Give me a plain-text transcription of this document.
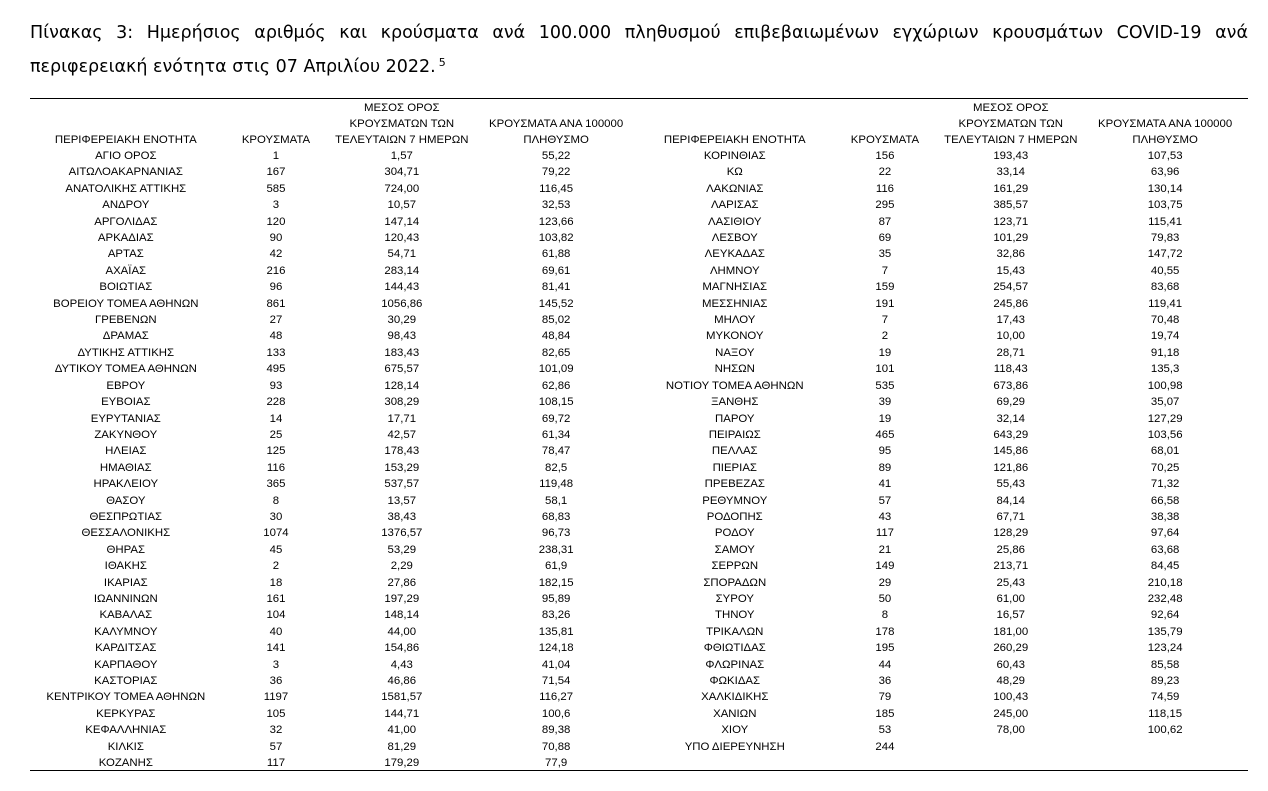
Πίνακας 3: Ημερήσιος αριθμός και κρούσματα ανά 100.000 πληθυσμού επιβεβαιωμένων εγχώριων κρουσμάτων COVID-19 ανά περιφερειακή ενότητα στις 07 Απριλίου 2022. $^5$
ΠΕΡΙΦΕΡΕΙΑΚΗ ΕΝΟΤΗΤΑ	ΚΡΟΥΣΜΑΤΑ	ΜΕΣΟΣ ΟΡΟΣ ΚΡΟΥΣΜΑΤΩΝ ΤΩΝ ΤΕΛΕΥΤΑΙΩΝ 7 ΗΜΕΡΩΝ	ΚΡΟΥΣΜΑΤΑ ΑΝΑ 100000 ΠΛΗΘΥΣΜΟ	ΠΕΡΙΦΕΡΕΙΑΚΗ ΕΝΟΤΗΤΑ	ΚΡΟΥΣΜΑΤΑ	ΜΕΣΟΣ ΟΡΟΣ ΚΡΟΥΣΜΑΤΩΝ ΤΩΝ ΤΕΛΕΥΤΑΙΩΝ 7 ΗΜΕΡΩΝ	ΚΡΟΥΣΜΑΤΑ ΑΝΑ 100000 ΠΛΗΘΥΣΜΟ
ΑΓΙΟ ΟΡΟΣ	1	1,57	55,22	ΚΟΡΙΝΘΙΑΣ	156	193,43	107,53
ΑΙΤΩΛΟΑΚΑΡΝΑΝΙΑΣ	167	304,71	79,22	ΚΩ	22	33,14	63,96
ΑΝΑΤΟΛΙΚΗΣ ΑΤΤΙΚΗΣ	585	724,00	116,45	ΛΑΚΩΝΙΑΣ	116	161,29	130,14
ΑΝΔΡΟΥ	3	10,57	32,53	ΛΑΡΙΣΑΣ	295	385,57	103,75
ΑΡΓΟΛΙΔΑΣ	120	147,14	123,66	ΛΑΣΙΘΙΟΥ	87	123,71	115,41
ΑΡΚΑΔΙΑΣ	90	120,43	103,82	ΛΕΣΒΟΥ	69	101,29	79,83
ΑΡΤΑΣ	42	54,71	61,88	ΛΕΥΚΑΔΑΣ	35	32,86	147,72
ΑΧΑΪΑΣ	216	283,14	69,61	ΛΗΜΝΟΥ	7	15,43	40,55
ΒΟΙΩΤΙΑΣ	96	144,43	81,41	ΜΑΓΝΗΣΙΑΣ	159	254,57	83,68
ΒΟΡΕΙΟΥ ΤΟΜΕΑ ΑΘΗΝΩΝ	861	1056,86	145,52	ΜΕΣΣΗΝΙΑΣ	191	245,86	119,41
ΓΡΕΒΕΝΩΝ	27	30,29	85,02	ΜΗΛΟΥ	7	17,43	70,48
ΔΡΑΜΑΣ	48	98,43	48,84	ΜΥΚΟΝΟΥ	2	10,00	19,74
ΔΥΤΙΚΗΣ ΑΤΤΙΚΗΣ	133	183,43	82,65	ΝΑΞΟΥ	19	28,71	91,18
ΔΥΤΙΚΟΥ ΤΟΜΕΑ ΑΘΗΝΩΝ	495	675,57	101,09	ΝΗΣΩΝ	101	118,43	135,3
ΕΒΡΟΥ	93	128,14	62,86	ΝΟΤΙΟΥ ΤΟΜΕΑ ΑΘΗΝΩΝ	535	673,86	100,98
ΕΥΒΟΙΑΣ	228	308,29	108,15	ΞΑΝΘΗΣ	39	69,29	35,07
ΕΥΡΥΤΑΝΙΑΣ	14	17,71	69,72	ΠΑΡΟΥ	19	32,14	127,29
ΖΑΚΥΝΘΟΥ	25	42,57	61,34	ΠΕΙΡΑΙΩΣ	465	643,29	103,56
ΗΛΕΙΑΣ	125	178,43	78,47	ΠΕΛΛΑΣ	95	145,86	68,01
ΗΜΑΘΙΑΣ	116	153,29	82,5	ΠΙΕΡΙΑΣ	89	121,86	70,25
ΗΡΑΚΛΕΙΟΥ	365	537,57	119,48	ΠΡΕΒΕΖΑΣ	41	55,43	71,32
ΘΑΣΟΥ	8	13,57	58,1	ΡΕΘΥΜΝΟΥ	57	84,14	66,58
ΘΕΣΠΡΩΤΙΑΣ	30	38,43	68,83	ΡΟΔΟΠΗΣ	43	67,71	38,38
ΘΕΣΣΑΛΟΝΙΚΗΣ	1074	1376,57	96,73	ΡΟΔΟΥ	117	128,29	97,64
ΘΗΡΑΣ	45	53,29	238,31	ΣΑΜΟΥ	21	25,86	63,68
ΙΘΑΚΗΣ	2	2,29	61,9	ΣΕΡΡΩΝ	149	213,71	84,45
ΙΚΑΡΙΑΣ	18	27,86	182,15	ΣΠΟΡΑΔΩΝ	29	25,43	210,18
ΙΩΑΝΝΙΝΩΝ	161	197,29	95,89	ΣΥΡΟΥ	50	61,00	232,48
ΚΑΒΑΛΑΣ	104	148,14	83,26	ΤΗΝΟΥ	8	16,57	92,64
ΚΑΛΥΜΝΟΥ	40	44,00	135,81	ΤΡΙΚΑΛΩΝ	178	181,00	135,79
ΚΑΡΔΙΤΣΑΣ	141	154,86	124,18	ΦΘΙΩΤΙΔΑΣ	195	260,29	123,24
ΚΑΡΠΑΘΟΥ	3	4,43	41,04	ΦΛΩΡΙΝΑΣ	44	60,43	85,58
ΚΑΣΤΟΡΙΑΣ	36	46,86	71,54	ΦΩΚΙΔΑΣ	36	48,29	89,23
ΚΕΝΤΡΙΚΟΥ ΤΟΜΕΑ ΑΘΗΝΩΝ	1197	1581,57	116,27	ΧΑΛΚΙΔΙΚΗΣ	79	100,43	74,59
ΚΕΡΚΥΡΑΣ	105	144,71	100,6	ΧΑΝΙΩΝ	185	245,00	118,15
ΚΕΦΑΛΛΗΝΙΑΣ	32	41,00	89,38	ΧΙΟΥ	53	78,00	100,62
ΚΙΛΚΙΣ	57	81,29	70,88	ΥΠΟ ΔΙΕΡΕΥΝΗΣΗ	244		
ΚΟΖΑΝΗΣ	117	179,29	77,9				
